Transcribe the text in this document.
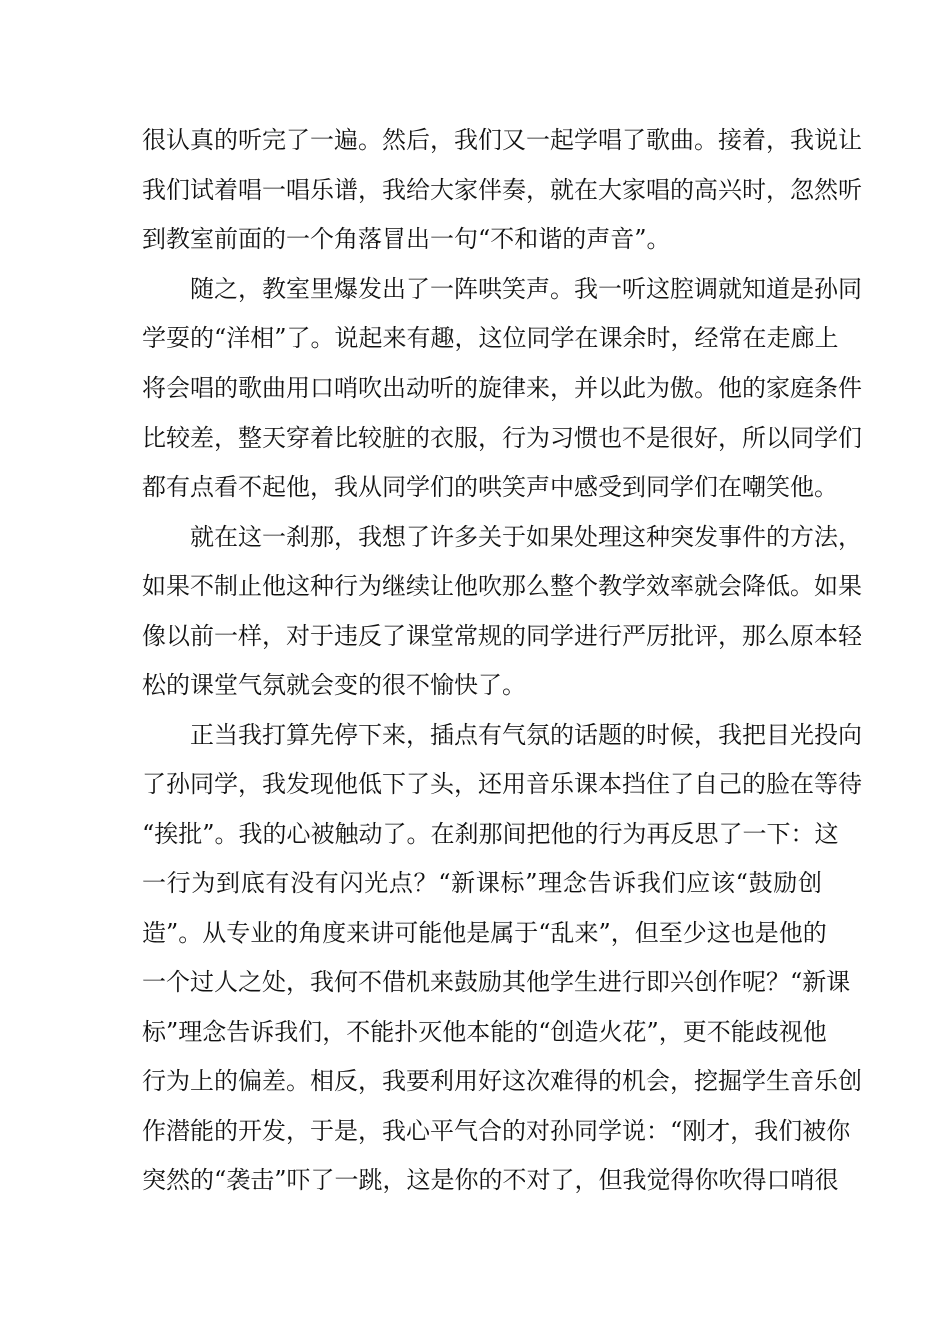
很认真的听完了一遍。然后，我们又一起学唱了歌曲。接着，我说让
我们试着唱一唱乐谱，我给大家伴奏，就在大家唱的高兴时，忽然听
到教室前面的一个角落冒出一句“不和谐的声音”。
随之，教室里爆发出了一阵哄笑声。我一听这腔调就知道是孙同
学耍的“洋相”了。说起来有趣，这位同学在课余时，经常在走廊上
将会唱的歌曲用口哨吹出动听的旋律来，并以此为傲。他的家庭条件
比较差，整天穿着比较脏的衣服，行为习惯也不是很好，所以同学们
都有点看不起他，我从同学们的哄笑声中感受到同学们在嘲笑他。
就在这一刹那，我想了许多关于如果处理这种突发事件的方法，
如果不制止他这种行为继续让他吹那么整个教学效率就会降低。如果
像以前一样，对于违反了课堂常规的同学进行严厉批评，那么原本轻
松的课堂气氛就会变的很不愉快了。
正当我打算先停下来，插点有气氛的话题的时候，我把目光投向
了孙同学，我发现他低下了头，还用音乐课本挡住了自己的脸在等待
“挨批”。我的心被触动了。在刹那间把他的行为再反思了一下：这
一行为到底有没有闪光点？“新课标”理念告诉我们应该“鼓励创
造”。从专业的角度来讲可能他是属于“乱来”，但至少这也是他的
一个过人之处，我何不借机来鼓励其他学生进行即兴创作呢？“新课
标”理念告诉我们，不能扑灭他本能的“创造火花”，更不能歧视他
行为上的偏差。相反，我要利用好这次难得的机会，挖掘学生音乐创
作潜能的开发，于是，我心平气合的对孙同学说：“刚才，我们被你
突然的“袭击”吓了一跳，这是你的不对了，但我觉得你吹得口哨很
